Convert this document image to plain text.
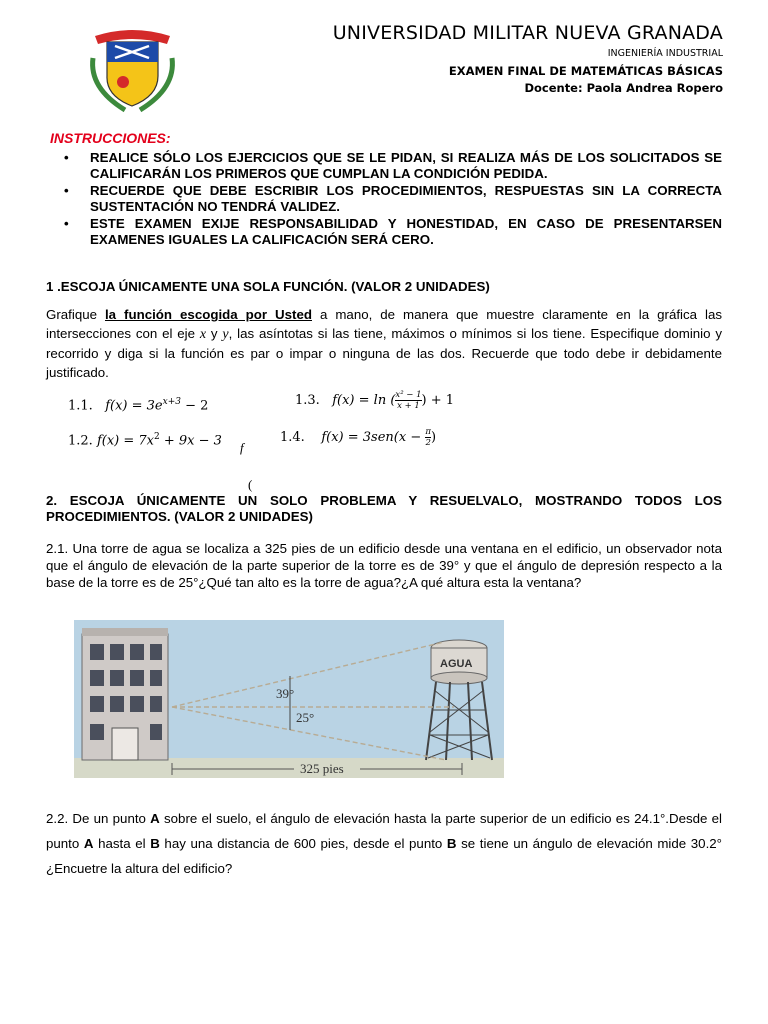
UNIVERSIDAD MILITAR NUEVA GRANADA
INGENIERÍA INDUSTRIAL
EXAMEN FINAL DE MATEMÁTICAS BÁSICAS
Docente: Paola Andrea Ropero
INSTRUCCIONES:
• REALICE SÓLO LOS EJERCICIOS QUE SE LE PIDAN, SI REALIZA MÁS DE LOS SOLICITADOS SE CALIFICARÁN LOS PRIMEROS QUE CUMPLAN LA CONDICIÓN PEDIDA.
• RECUERDE QUE DEBE ESCRIBIR LOS PROCEDIMIENTOS, RESPUESTAS SIN LA CORRECTA SUSTENTACIÓN NO TENDRÁ VALIDEZ.
• ESTE EXAMEN EXIJE RESPONSABILIDAD Y HONESTIDAD, EN CASO DE PRESENTARSEN EXAMENES IGUALES LA CALIFICACIÓN SERÁ CERO.
1 .ESCOJA ÚNICAMENTE UNA SOLA FUNCIÓN. (VALOR 2 UNIDADES)
Grafique la función escogida por Usted a mano, de manera que muestre claramente en la gráfica las intersecciones con el eje x y y, las asíntotas si las tiene, máximos o mínimos si los tiene. Especifique dominio y recorrido y diga si la función es par o impar o ninguna de las dos. Recuerde que todo debe ir debidamente justificado.
1.1. $f(x) = 3e^{x+3} - 2$
1.2. $f(x) = 7x^2 + 9x - 3$
1.3. f(x) = ln ( $\frac{\text{x² − 1}}{x + 1}$ ) + 1
1.4. $f(x) = 3sen(x - \frac{\pi}{2}$ )
f
(
2. ESCOJA ÚNICAMENTE UN SOLO PROBLEMA Y RESUELVALO, MOSTRANDO TODOS LOS PROCEDIMIENTOS. (VALOR 2 UNIDADES)
2.1. Una torre de agua se localiza a 325 pies de un edificio desde una ventana en el edificio, un observador nota que el ángulo de elevación de la parte superior de la torre es de 39° y que el ángulo de depresión respecto a la base de la torre es de 25°¿Qué tan alto es la torre de agua?¿A qué altura esta la ventana?
AGUA
39°
25°
325 pies
2.2. De un punto A sobre el suelo, el ángulo de elevación hasta la parte superior de un edificio es 24.1°.Desde el punto A hasta el B hay una distancia de 600 pies, desde el punto B se tiene un ángulo de elevación mide 30.2° ¿Encuetre la altura del edificio?
